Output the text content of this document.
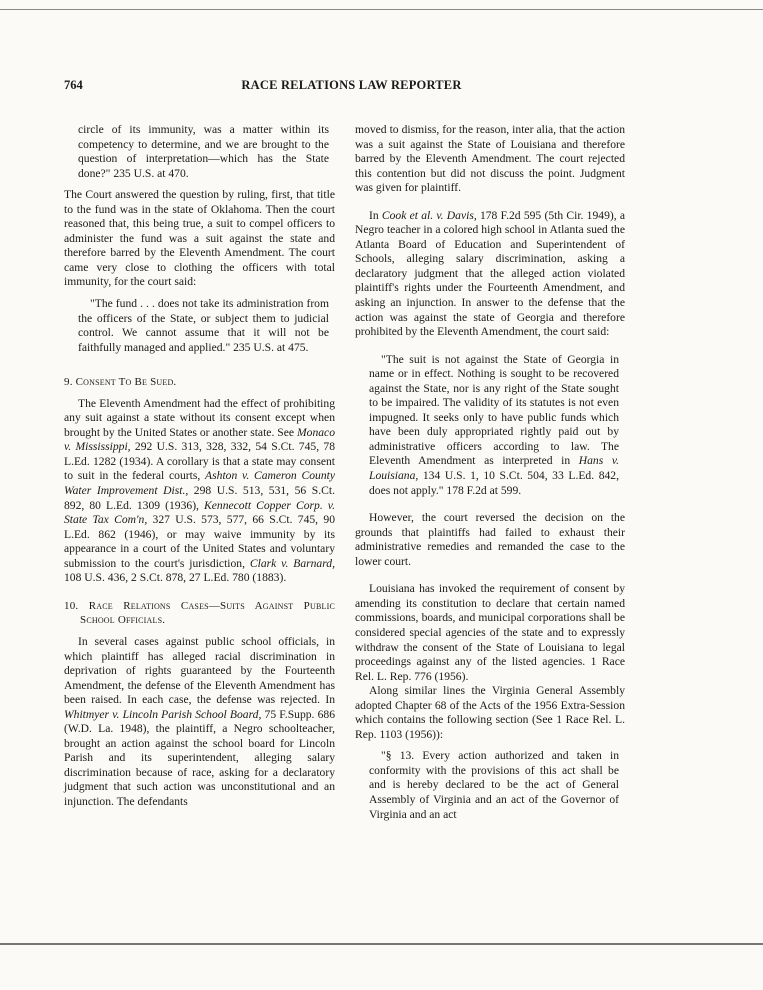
764	RACE RELATIONS LAW REPORTER

circle of its immunity, was a matter within its competency to determine, and we are brought to the question of interpretation—which has the State done?" 235 U.S. at 470.

The Court answered the question by ruling, first, that title to the fund was in the state of Oklahoma. Then the court reasoned that, this being true, a suit to compel officers to administer the fund was a suit against the state and therefore barred by the Eleventh Amendment. The court came very close to clothing the officers with total immunity, for the court said:

"The fund . . . does not take its administration from the officers of the State, or subject them to judicial control. We cannot assume that it will not be faithfully managed and applied." 235 U.S. at 475.

9. Consent To Be Sued.

The Eleventh Amendment had the effect of prohibiting any suit against a state without its consent except when brought by the United States or another state. See Monaco v. Mississippi, 292 U.S. 313, 328, 332, 54 S.Ct. 745, 78 L.Ed. 1282 (1934). A corollary is that a state may consent to suit in the federal courts, Ashton v. Cameron County Water Improvement Dist., 298 U.S. 513, 531, 56 S.Ct. 892, 80 L.Ed. 1309 (1936), Kennecott Copper Corp. v. State Tax Com'n, 327 U.S. 573, 577, 66 S.Ct. 745, 90 L.Ed. 862 (1946), or may waive immunity by its appearance in a court of the United States and voluntary submission to the court's jurisdiction, Clark v. Barnard, 108 U.S. 436, 2 S.Ct. 878, 27 L.Ed. 780 (1883).

10. Race Relations Cases—Suits Against Public School Officials.

In several cases against public school officials, in which plaintiff has alleged racial discrimination in deprivation of rights guaranteed by the Fourteenth Amendment, the defense of the Eleventh Amendment has been raised. In each case, the defense was rejected. In Whitmyer v. Lincoln Parish School Board, 75 F.Supp. 686 (W.D. La. 1948), the plaintiff, a Negro schoolteacher, brought an action against the school board for Lincoln Parish and its superintendent, alleging salary discrimination because of race, asking for a declaratory judgment that such action was unconstitutional and an injunction. The defendants

moved to dismiss, for the reason, inter alia, that the action was a suit against the State of Louisiana and therefore barred by the Eleventh Amendment. The court rejected this contention but did not discuss the point. Judgment was given for plaintiff.

In Cook et al. v. Davis, 178 F.2d 595 (5th Cir. 1949), a Negro teacher in a colored high school in Atlanta sued the Atlanta Board of Education and Superintendent of Schools, alleging salary discrimination, asking a declaratory judgment that the alleged action violated plaintiff's rights under the Fourteenth Amendment, and asking an injunction. In answer to the defense that the action was against the state of Georgia and therefore prohibited by the Eleventh Amendment, the court said:

"The suit is not against the State of Georgia in name or in effect. Nothing is sought to be recovered against the State, nor is any right of the State sought to be impaired. The validity of its statutes is not even impugned. It seeks only to have public funds which have been duly appropriated rightly paid out by administrative officers according to law. The Eleventh Amendment as interpreted in Hans v. Louisiana, 134 U.S. 1, 10 S.Ct. 504, 33 L.Ed. 842, does not apply." 178 F.2d at 599.

However, the court reversed the decision on the grounds that plaintiffs had failed to exhaust their administrative remedies and remanded the case to the lower court.

Louisiana has invoked the requirement of consent by amending its constitution to declare that certain named commissions, boards, and municipal corporations shall be considered special agencies of the state and to expressly withdraw the consent of the State of Louisiana to legal proceedings against any of the listed agencies. 1 Race Rel. L. Rep. 776 (1956).

Along similar lines the Virginia General Assembly adopted Chapter 68 of the Acts of the 1956 Extra-Session which contains the following section (See 1 Race Rel. L. Rep. 1103 (1956)):

"§ 13. Every action authorized and taken in conformity with the provisions of this act shall be and is hereby declared to be the act of General Assembly of Virginia and an act of the Governor of Virginia and an act
